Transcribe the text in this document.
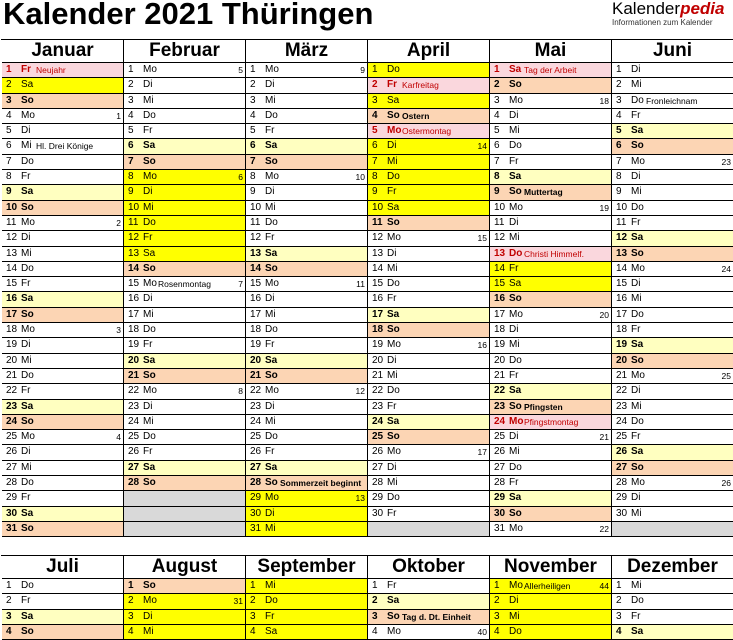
Kalender 2021 Thüringen	Kalenderpedia
Informationen zum Kalender
Januar
1 Fr Neujahr
2 Sa
3 So
4 Mo	1
5 Di
6 Mi Hl. Drei Könige
7 Do
8 Fr
9 Sa
10 So
11 Mo	2
12 Di
13 Mi
14 Do
15 Fr
16 Sa
17 So
18 Mo	3
19 Di
20 Mi
21 Do
22 Fr
23 Sa
24 So
25 Mo	4
26 Di
27 Mi
28 Do
29 Fr
30 Sa
31 So
Februar
1 Mo	5
2 Di
3 Mi
4 Do
5 Fr
6 Sa
7 So
8 Mo	6
9 Di
10 Mi
11 Do
12 Fr
13 Sa
14 So
15 Mo Rosenmontag	7
16 Di
17 Mi
18 Do
19 Fr
20 Sa
21 So
22 Mo	8
23 Di
24 Mi
25 Do
26 Fr
27 Sa
28 So
März
1 Mo	9
2 Di
3 Mi
4 Do
5 Fr
6 Sa
7 So
8 Mo	10
9 Di
10 Mi
11 Do
12 Fr
13 Sa
14 So
15 Mo	11
16 Di
17 Mi
18 Do
19 Fr
20 Sa
21 So
22 Mo	12
23 Di
24 Mi
25 Do
26 Fr
27 Sa
28 So Sommerzeit beginnt
29 Mo	13
30 Di
31 Mi
April
1 Do
2 Fr Karfreitag
3 Sa
4 So Ostern
5 Mo Ostermontag
6 Di	14
7 Mi
8 Do
9 Fr
10 Sa
11 So
12 Mo	15
13 Di
14 Mi
15 Do
16 Fr
17 Sa
18 So
19 Mo	16
20 Di
21 Mi
22 Do
23 Fr
24 Sa
25 So
26 Mo	17
27 Di
28 Mi
29 Do
30 Fr
Mai
1 Sa Tag der Arbeit
2 So
3 Mo	18
4 Di
5 Mi
6 Do
7 Fr
8 Sa
9 So Muttertag
10 Mo	19
11 Di
12 Mi
13 Do Christi Himmelf.
14 Fr
15 Sa
16 So
17 Mo	20
18 Di
19 Mi
20 Do
21 Fr
22 Sa
23 So Pfingsten
24 Mo Pfingstmontag
25 Di	21
26 Mi
27 Do
28 Fr
29 Sa
30 So
31 Mo	22
Juni
1 Di
2 Mi
3 Do Fronleichnam
4 Fr
5 Sa
6 So
7 Mo	23
8 Di
9 Mi
10 Do
11 Fr
12 Sa
13 So
14 Mo	24
15 Di
16 Mi
17 Do
18 Fr
19 Sa
20 So
21 Mo	25
22 Di
23 Mi
24 Do
25 Fr
26 Sa
27 So
28 Mo	26
29 Di
30 Mi
Juli
1 Do
2 Fr
3 Sa
4 So
August
1 So
2 Mo	31
3 Di
4 Mi
September
1 Mi
2 Do
3 Fr
4 Sa
Oktober
1 Fr
2 Sa
3 So Tag d. Dt. Einheit
4 Mo	40
November
1 Mo Allerheiligen	44
2 Di
3 Mi
4 Do
Dezember
1 Mi
2 Do
3 Fr
4 Sa
